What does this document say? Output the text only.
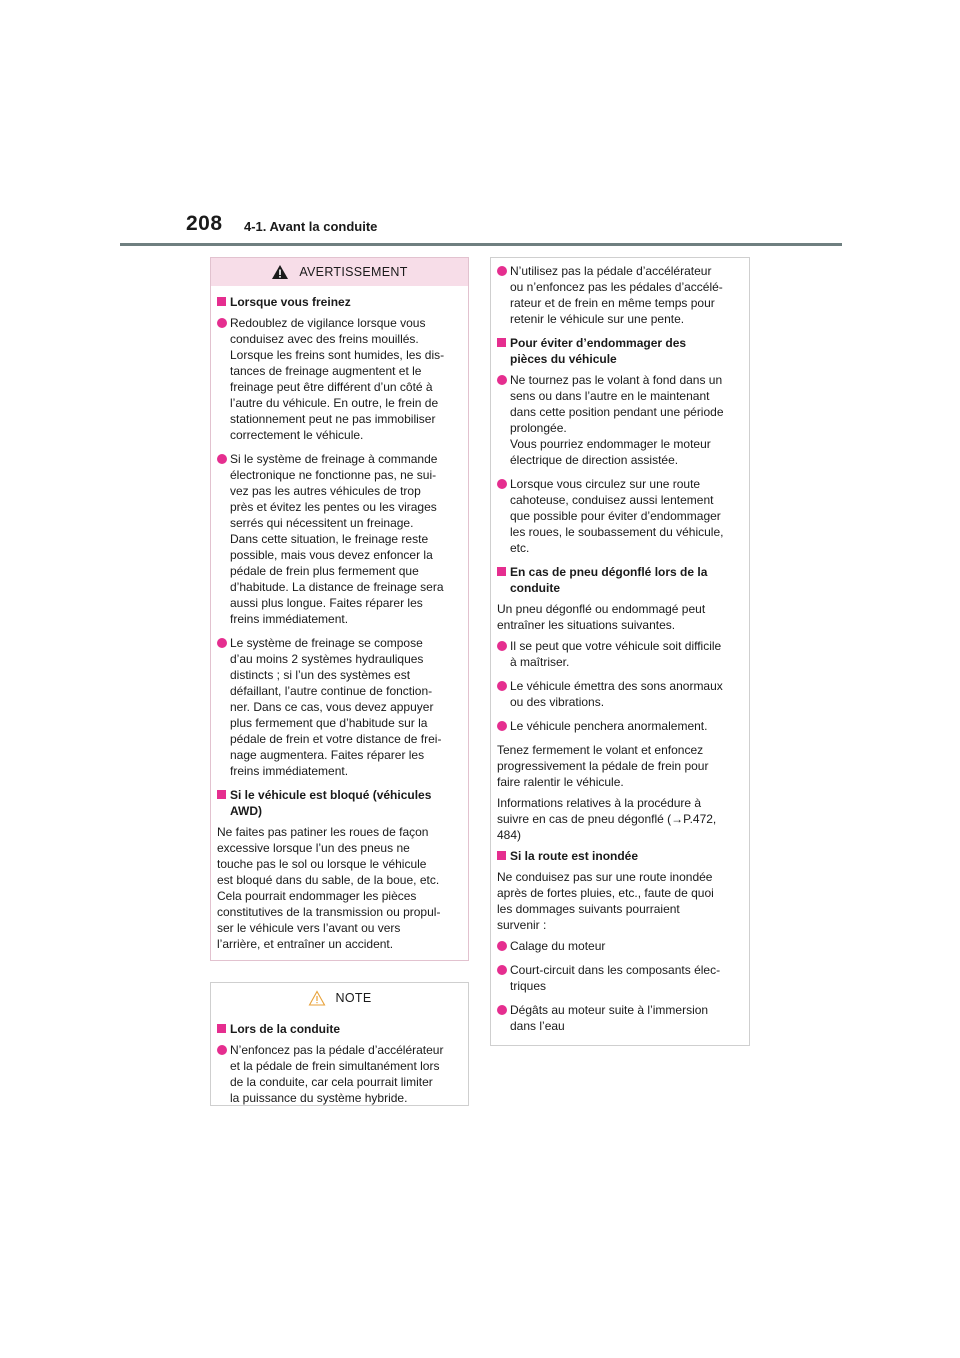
208 4-1. Avant la conduite
AVERTISSEMENT
Lorsque vous freinez
Redoublez de vigilance lorsque vous
conduisez avec des freins mouillés.
Lorsque les freins sont humides, les dis-
tances de freinage augmentent et le
freinage peut être différent d’un côté à
l’autre du véhicule. En outre, le frein de
stationnement peut ne pas immobiliser
correctement le véhicule.
Si le système de freinage à commande
électronique ne fonctionne pas, ne sui-
vez pas les autres véhicules de trop
près et évitez les pentes ou les virages
serrés qui nécessitent un freinage.
Dans cette situation, le freinage reste
possible, mais vous devez enfoncer la
pédale de frein plus fermement que
d’habitude. La distance de freinage sera
aussi plus longue. Faites réparer les
freins immédiatement.
Le système de freinage se compose
d’au moins 2 systèmes hydrauliques
distincts ; si l’un des systèmes est
défaillant, l’autre continue de fonction-
ner. Dans ce cas, vous devez appuyer
plus fermement que d’habitude sur la
pédale de frein et votre distance de frei-
nage augmentera. Faites réparer les
freins immédiatement.
Si le véhicule est bloqué (véhicules
AWD)
Ne faites pas patiner les roues de façon
excessive lorsque l’un des pneus ne
touche pas le sol ou lorsque le véhicule
est bloqué dans du sable, de la boue, etc.
Cela pourrait endommager les pièces
constitutives de la transmission ou propul-
ser le véhicule vers l’avant ou vers
l’arrière, et entraîner un accident.
NOTE
Lors de la conduite
N’enfoncez pas la pédale d’accélérateur
et la pédale de frein simultanément lors
de la conduite, car cela pourrait limiter
la puissance du système hybride.
N’utilisez pas la pédale d’accélérateur
ou n’enfoncez pas les pédales d’accélé-
rateur et de frein en même temps pour
retenir le véhicule sur une pente.
Pour éviter d’endommager des
pièces du véhicule
Ne tournez pas le volant à fond dans un
sens ou dans l’autre en le maintenant
dans cette position pendant une période
prolongée.
Vous pourriez endommager le moteur
électrique de direction assistée.
Lorsque vous circulez sur une route
cahoteuse, conduisez aussi lentement
que possible pour éviter d’endommager
les roues, le soubassement du véhicule,
etc.
En cas de pneu dégonflé lors de la
conduite
Un pneu dégonflé ou endommagé peut
entraîner les situations suivantes.
Il se peut que votre véhicule soit difficile
à maîtriser.
Le véhicule émettra des sons anormaux
ou des vibrations.
Le véhicule penchera anormalement.
Tenez fermement le volant et enfoncez
progressivement la pédale de frein pour
faire ralentir le véhicule.
Informations relatives à la procédure à
suivre en cas de pneu dégonflé (→P.472,
484)
Si la route est inondée
Ne conduisez pas sur une route inondée
après de fortes pluies, etc., faute de quoi
les dommages suivants pourraient
survenir :
Calage du moteur
Court-circuit dans les composants élec-
triques
Dégâts au moteur suite à l’immersion
dans l’eau
